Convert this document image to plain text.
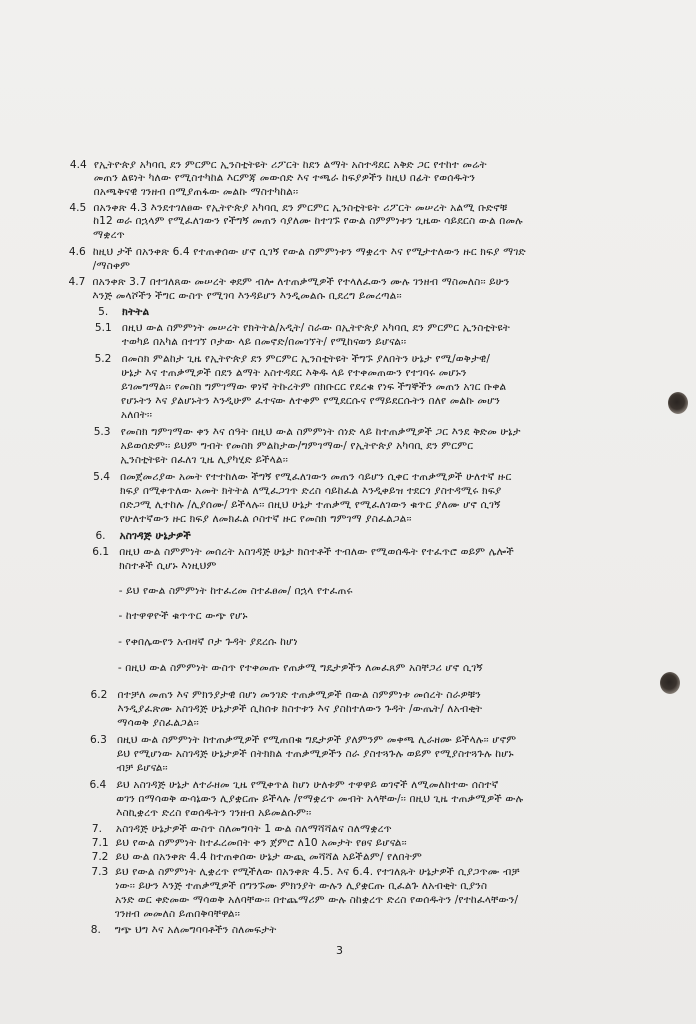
4.4 የኢትዮጵያ አካባቢ ደን ምርምር ኢንስቲትዩት ሪፖርት ከደን ልማት አስተዳደር አቅድ ጋር የተከተ መሬት
መጠን ልዩነት ካለው የሚስተካከል እርምጃ መውሰድ እና ተጫራ ከፍያዎችን ከዚህ በፊት የወሰዱትን
በአጫቅናዊ ገንዘብ በሚያጠፋው መልኩ ማስተካከል፡፡
4.5 በአንቀጽ 4.3 እንደተገለፀው የኢትዮጵያ አካባቢ ደን ምርምር ኢንስቲትዩት ሪፖርት መሠረት አልሚ ቡድኖቹ
ከ12 ወራ በኋላም የሚፈለገውን የችግኝ መጠን ሳያለሙ ከተገኙ የውል ስምምነቱን ጊዜው ሳይደርስ ውል በመሉ
ማቋረጥ
4.6 ከዚህ ታች በአንቀጽ 6.4 የተጠቀሰው ሆኖ ሲገኝ የውል ስምምነቱን ማቋረጥ እና የሚታተለውን ዙር ክፍያ ማገድ
/ማስቀም
4.7 በአንቀጽ 3.7 በተገለጸው መሠረት ቀደም ብሎ ለተጠቃሚዎች የተላለፈውን ሙሉ ገንዘብ ማስመለስ፡፡ ይሁን
እንጅ መላሾችን ችግር ውስጥ የሚገባ እንዳይሆን እንዲመልሱ ቢደረግ ይመረጣል፡፡
5. ክትትል
5.1 በዚህ ውል ስምምነት መሠረት የክትትል/አዲት/ ስራው በኢትዮጵያ አካባቢ ደን ምርምር ኢንስቲትዩት
ተወካይ በአካል በተገኘ ቦታው ላይ በመኖድ/በመገኘት/ የሚከናወን ይሆናል፡፡
5.2 በመስክ ምልከታ ጊዜ የኢትዮጵያ ደን ምርምር ኢንስቲትዩት ችግኙ ያለበትን ሁኔታ የሚ/ወቅታዊ/
ሁኔታ እና ተጠቃሚዎች በደን ልማት አስተዳደር እቅዱ ላይ የተቀመጠውን የተገባሩ መሆኑን
ይገመግማል፡፡ የመስክ ግምገማው ዋነኛ ትኩረትም በክቡርር የደረቁ የነፍ ችግኞችን መጠን አገር ቡቀል
የሆኑትን እና ያልሆኑትን እንዲሁም ፈተናው ለተቀም የሚደርሱና የማይደርሱትን በለየ መልኩ መሆን
አለበት፡፡
5.3 የመስክ ግምገማው ቀን እና ሰዓት በዚህ ውል ስምምነት ሰነድ ላይ ከተጠቃሚዎች ጋር እንደ ቅድመ ሁኔታ
አይወሰድም፡፡ ይህም ግብት የመስክ ምልከታው/ግምገማው/ የኢትዮጵያ አካባቢ ደን ምርምር
ኢንስቲትዩት በፈለገ ጊዜ ሊያካሂድ ይችላል፡፡
5.4 በመጀመሪያው አመት የተተከለው ችግኝ የሚፈለገውን መጠን ሳይሆን ሲቀር ተጠቃሚዎች ሁለተኛ ዙር
ክፍያ በሚቀጥለው አመት ክትትል ለሚፈጋገጥ ድረስ ሳይከፈል እንዲቀይዝ ተደርጎ ያስተዳሚሩ ክፍያ
በድጋሚ ሊተከሉ /ሊያሰሙ/ ይችላሉ፡፡ በዚህ ሁኔታ ተጠቃሚ የሚፈለገውን ቁጥር ያለሙ ሆኖ ሲገኝ
የሁለተኛውን ዙር ክፍያ ለመክፈል ሶስተኛ ዙር የመስክ ግምገማ ያስፈልጋል፡፡
6. አስገዳጅ ሁኔታዎች
6.1 በዚህ ውል ስምምነት መሰረት አስገዳጅ ሁኔታ ክስተቶች ተብለው የሚወሰዱት የተፈጥሮ ወይም ሌሎች
ክስተቶች ሲሆኑ እነዚህም
- ይህ የውል ስምምነት ከተፈረመ ስተፈፀመ/ በኋላ የተፈጠሩ
- ከተዋዋዮች ቁጥጥር ውጭ የሆኑ
- የቀበሌውየን አብዛኛ ቦታ ጉዳት ያደረሱ ከሆነ
- በዚህ ውል ስምምነት ውስጥ የተቀመጡ የጠቃሚ ግዴታዎችን ለመፈጸም አስቸጋሪ ሆኖ ሲገኝ
6.2 በተቻለ መጠን እና ምክንያታዊ በሆነ መንገድ ተጠቃሚዎች በውል ስምምነቱ መሰረት ስራዎቹን
እንዲያፈጽሙ አስገዳጅ ሁኔታዎች ሲከሰቱ ክስተቱን እና ያስከተለውን ጉዳት /ውጤት/ ለአብቂት
ማሳወቅ ያስፈልጋል፡፡
6.3 በዚህ ውል ስምምነት ከተጠቃሚዎች የሚጠበቁ ግዴታዎች ያለምንም መቀጫ ሊራዘሙ ይችላሉ፡፡ ሆኖም
ይህ የሚሆነው አስገዳጅ ሁኔታዎች በትክክል ተጠቃሚዎችን ስራ ያስተጓጉሉ ወይም የሚያስተጓጉሉ ከሆኑ
ብቻ ይሆናል፡፡
6.4 ይህ አስገዳጅ ሁኔታ ለተራዘመ ጊዜ የሚቀጥል ከሆነ ሁለቱም ተዋዋይ ወገኖች ለሚመለከተው ሰስተኛ
ወገን በማሳወቅ ውሳኔውን ሊያቋርጡ ይችላሉ /የማቋረጥ መብት አላቸው/፡፡ በዚህ ጊዜ ተጠቃሚዎች ውሉ
እስኪቋረጥ ድረስ የወሰዱትን ገንዘብ አይመልሱም፡፡
7. አስገዳጅ ሁኔታዎች ውስጥ ስለመግባት 1 ውል ስለማሻሻልና ስለማቋረጥ
7.1 ይህ የውል ስምምነት ከተፈረመበት ቀን ጀምሮ ለ10 አመታት የፀና ይሆናል፡፡
7.2 ይህ ውል በአንቀጽ 4.4 ከተጠቀሰው ሁኔታ ውጪ መሻሻል አይችልም/ የለበትም
7.3 ይህ የውል ስምምነት ሊቋረጥ የሚችለው በአንቀጽ 4.5. እና 6.4. የተገለጹት ሁኔታዎች ሲያጋጥሙ ብቻ
ነው፡፡ ይሁን እንጅ ተጠቃሚዎች በግንኙሙ ምክንያት ውሉን ሊያቋርጡ ቢፈልጉ ለአብቂት ቢያንስ
አንድ ወር ቀድመው ማሳወቅ አለባቸው፡፡ በተጨማሪም ውሉ ስከቋረጥ ድረስ የወሰዱትን /የተከፈላቸውን/
ገንዘብ መመለስ ይጠበቅባቸዋል፡፡
8. ግጭ ህግ እና አለመግባባቶችን ስለመፍታት
3
